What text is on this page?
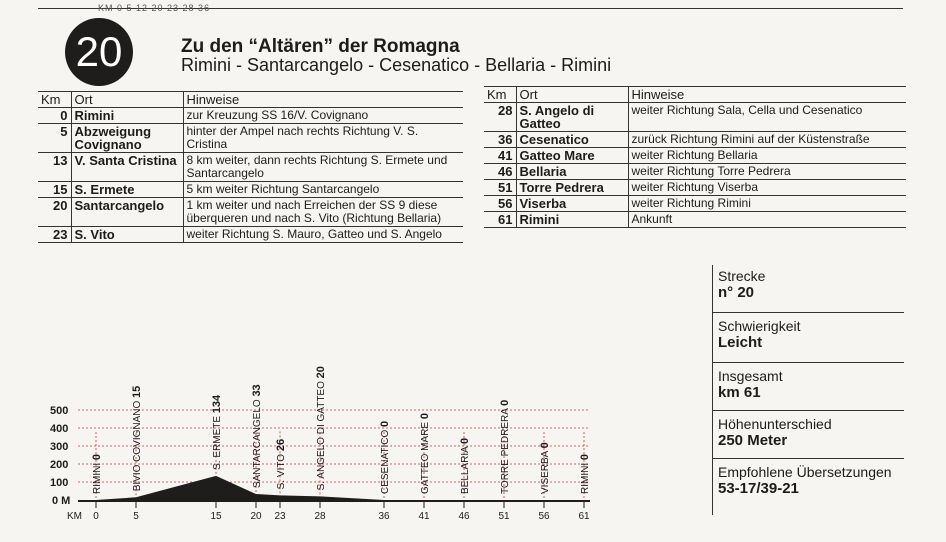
KM 0 5 12 20 23 28 36
20	Zu den “Altären” der Romagna
Rimini - Santarcangelo - Cesenatico - Bellaria - Rimini
Km	Ort	Hinweise
0	Rimini	zur Kreuzung SS 16/V. Covignano
5	Abzweigung Covignano	hinter der Ampel nach rechts Richtung V. S. Cristina
13	V. Santa Cristina	8 km weiter, dann rechts Richtung S. Ermete und Santarcangelo
15	S. Ermete	5 km weiter Richtung Santarcangelo
20	Santarcangelo	1 km weiter und nach Erreichen der SS 9 diese überqueren und nach S. Vito (Richtung Bellaria)
23	S. Vito	weiter Richtung S. Mauro, Gatteo und S. Angelo
Km	Ort	Hinweise
28	S. Angelo di Gatteo	weiter Richtung Sala, Cella und Cesenatico
36	Cesenatico	zurück Richtung Rimini auf der Küstenstraße
41	Gatteo Mare	weiter Richtung Bellaria
46	Bellaria	weiter Richtung Torre Pedrera
51	Torre Pedrera	weiter Richtung Viserba
56	Viserba	weiter Richtung Rimini
61	Rimini	Ankunft
Strecke
n° 20
Schwierigkeit
Leicht
Insgesamt
km 61
Höhenunterschied
250 Meter
Empfohlene Übersetzungen
53-17/39-21
0 M
100
200
300
400
500
KM 0
RIMINI 0
5
BIVIO COVIGNANO 15
15
S. ERMETE 134
20
SANTARCANGELO 33
23
S. VITO 26
28
S. ANGELO DI GATTEO 20
36
CESENATICO 0
41
GATTEO MARE 0
46
BELLARIA 0
51
TORRE PEDRERA 0
56
VISERBA 0
61
RIMINI 0
